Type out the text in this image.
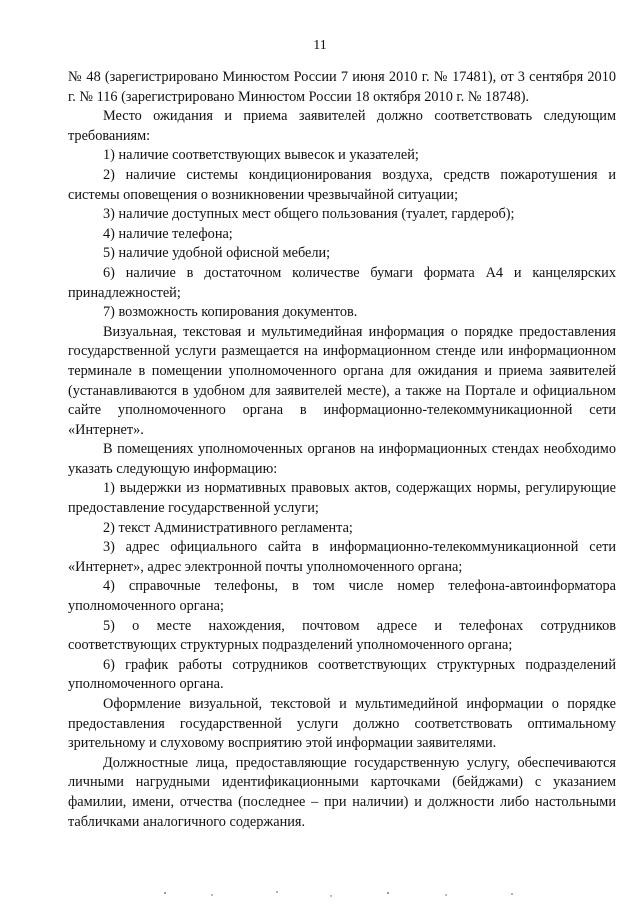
11

№ 48 (зарегистрировано Минюстом России 7 июня 2010 г. № 17481), от 3 сентября 2010 г. № 116 (зарегистрировано Минюстом России 18 октября 2010 г. № 18748).

Место ожидания и приема заявителей должно соответствовать следующим требованиям:

1) наличие соответствующих вывесок и указателей;

2) наличие системы кондиционирования воздуха, средств пожаротушения и системы оповещения о возникновении чрезвычайной ситуации;

3) наличие доступных мест общего пользования (туалет, гардероб);

4) наличие телефона;

5) наличие удобной офисной мебели;

6) наличие в достаточном количестве бумаги формата А4 и канцелярских принадлежностей;

7) возможность копирования документов.

Визуальная, текстовая и мультимедийная информация о порядке предоставления государственной услуги размещается на информационном стенде или информационном терминале в помещении уполномоченного органа для ожидания и приема заявителей (устанавливаются в удобном для заявителей месте), а также на Портале и официальном сайте уполномоченного органа в информационно-телекоммуникационной сети «Интернет».

В помещениях уполномоченных органов на информационных стендах необходимо указать следующую информацию:

1) выдержки из нормативных правовых актов, содержащих нормы, регулирующие предоставление государственной услуги;

2) текст Административного регламента;

3) адрес официального сайта в информационно-телекоммуникационной сети «Интернет», адрес электронной почты уполномоченного органа;

4) справочные телефоны, в том числе номер телефона-автоинформатора уполномоченного органа;

5) о месте нахождения, почтовом адресе и телефонах сотрудников соответствующих структурных подразделений уполномоченного органа;

6) график работы сотрудников соответствующих структурных подразделений уполномоченного органа.

Оформление визуальной, текстовой и мультимедийной информации о порядке предоставления государственной услуги должно соответствовать оптимальному зрительному и слуховому восприятию этой информации заявителями.

Должностные лица, предоставляющие государственную услугу, обеспечиваются личными нагрудными идентификационными карточками (бейджами) с указанием фамилии, имени, отчества (последнее – при наличии) и должности либо настольными табличками аналогичного содержания.
